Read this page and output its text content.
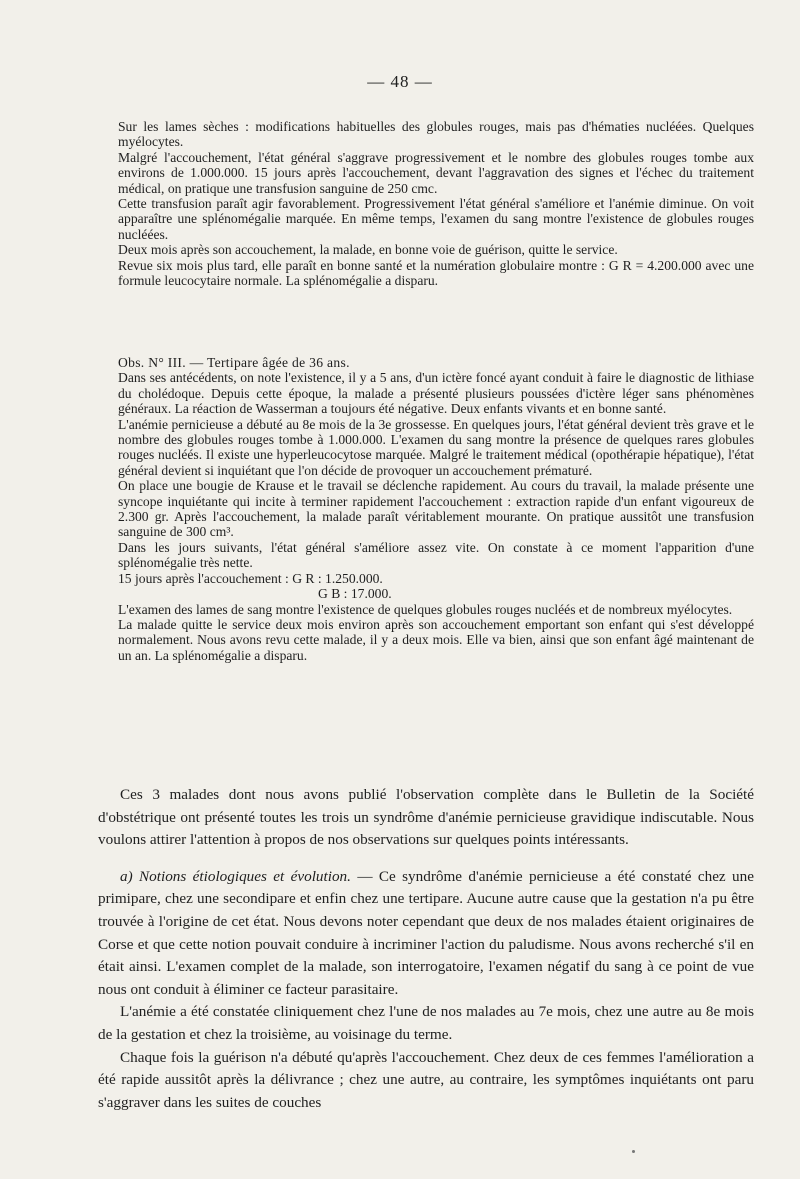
— 48 —

Sur les lames sèches : modifications habituelles des globules rouges, mais pas d'hématies nucléées. Quelques myélocytes.

Malgré l'accouchement, l'état général s'aggrave progressivement et le nombre des globules rouges tombe aux environs de 1.000.000. 15 jours après l'accouchement, devant l'aggravation des signes et l'échec du traitement médical, on pratique une transfusion sanguine de 250 cmc.

Cette transfusion paraît agir favorablement. Progressivement l'état général s'améliore et l'anémie diminue. On voit apparaître une splénomégalie marquée. En même temps, l'examen du sang montre l'existence de globules rouges nucléées.

Deux mois après son accouchement, la malade, en bonne voie de guérison, quitte le service.

Revue six mois plus tard, elle paraît en bonne santé et la numération globulaire montre : G R = 4.200.000 avec une formule leucocytaire normale. La splénomégalie a disparu.

Obs. N° III. — Tertipare âgée de 36 ans.

Dans ses antécédents, on note l'existence, il y a 5 ans, d'un ictère foncé ayant conduit à faire le diagnostic de lithiase du cholédoque. Depuis cette époque, la malade a présenté plusieurs poussées d'ictère léger sans phénomènes généraux. La réaction de Wasserman a toujours été négative. Deux enfants vivants et en bonne santé.

L'anémie pernicieuse a débuté au 8e mois de la 3e grossesse. En quelques jours, l'état général devient très grave et le nombre des globules rouges tombe à 1.000.000. L'examen du sang montre la présence de quelques rares globules rouges nucléés. Il existe une hyperleucocytose marquée. Malgré le traitement médical (opothérapie hépatique), l'état général devient si inquiétant que l'on décide de provoquer un accouchement prématuré.

On place une bougie de Krause et le travail se déclenche rapidement. Au cours du travail, la malade présente une syncope inquiétante qui incite à terminer rapidement l'accouchement : extraction rapide d'un enfant vigoureux de 2.300 gr. Après l'accouchement, la malade paraît véritablement mourante. On pratique aussitôt une transfusion sanguine de 300 cm³.

Dans les jours suivants, l'état général s'améliore assez vite. On constate à ce moment l'apparition d'une splénomégalie très nette.

15 jours après l'accouchement : G R : 1.250.000.

G B : 17.000.

L'examen des lames de sang montre l'existence de quelques globules rouges nucléés et de nombreux myélocytes.

La malade quitte le service deux mois environ après son accouchement emportant son enfant qui s'est développé normalement. Nous avons revu cette malade, il y a deux mois. Elle va bien, ainsi que son enfant âgé maintenant de un an. La splénomégalie a disparu.

Ces 3 malades dont nous avons publié l'observation complète dans le Bulletin de la Société d'obstétrique ont présenté toutes les trois un syndrôme d'anémie pernicieuse gravidique indiscutable. Nous voulons attirer l'attention à propos de nos observations sur quelques points intéressants.

a) Notions étiologiques et évolution. — Ce syndrôme d'anémie pernicieuse a été constaté chez une primipare, chez une secondipare et enfin chez une tertipare. Aucune autre cause que la gestation n'a pu être trouvée à l'origine de cet état. Nous devons noter cependant que deux de nos malades étaient originaires de Corse et que cette notion pouvait conduire à incriminer l'action du paludisme. Nous avons recherché s'il en était ainsi. L'examen complet de la malade, son interrogatoire, l'examen négatif du sang à ce point de vue nous ont conduit à éliminer ce facteur parasitaire.

L'anémie a été constatée cliniquement chez l'une de nos malades au 7e mois, chez une autre au 8e mois de la gestation et chez la troisième, au voisinage du terme.

Chaque fois la guérison n'a débuté qu'après l'accouchement. Chez deux de ces femmes l'amélioration a été rapide aussitôt après la délivrance ; chez une autre, au contraire, les symptômes inquiétants ont paru s'aggraver dans les suites de couches
